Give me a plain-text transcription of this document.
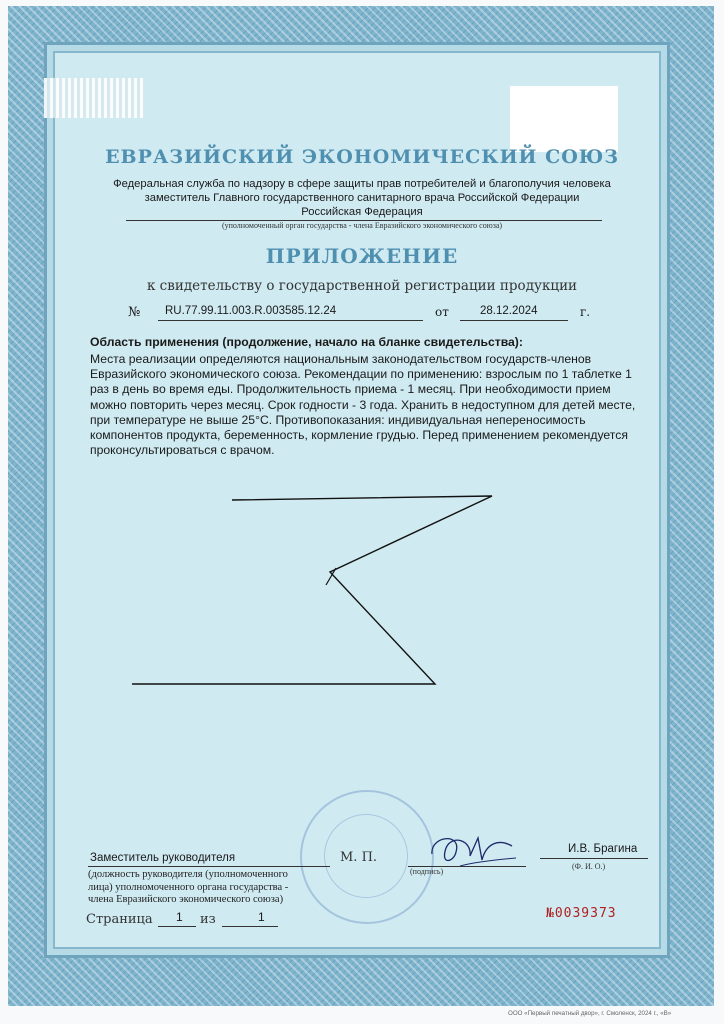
ЕВРАЗИЙСКИЙ ЭКОНОМИЧЕСКИЙ СОЮЗ
Федеральная служба по надзору в сфере защиты прав потребителей и благополучия человека
заместитель Главного государственного санитарного врача Российской Федерации
Российская Федерация
(уполномоченный орган государства - члена Евразийского экономического союза)
ПРИЛОЖЕНИЕ
к свидетельству о государственной регистрации продукции
№ RU.77.99.11.003.R.003585.12.24	от	28.12.2024	г.
Область применения (продолжение, начало на бланке свидетельства):
Места реализации определяются национальным законодательством государств-членов
Евразийского экономического союза. Рекомендации по применению: взрослым по 1 таблетке 1
раз в день во время еды. Продолжительность приема - 1 месяц. При необходимости прием
можно повторить через месяц. Срок годности - 3 года. Хранить в недоступном для детей месте,
при температуре не выше 25°С. Противопоказания: индивидуальная непереносимость
компонентов продукта, беременность, кормление грудью. Перед применением рекомендуется
проконсультироваться с врачом.
Заместитель руководителя	М. П.
И.В. Брагина
(должность руководителя (уполномоченного
лица) уполномоченного органа государства -
члена Евразийского экономического союза)
(подпись)
(Ф. И. О.)
Страница 1 из	1	№0039373
ООО «Первый печатный двор», г. Смоленск, 2024 г., «В»
